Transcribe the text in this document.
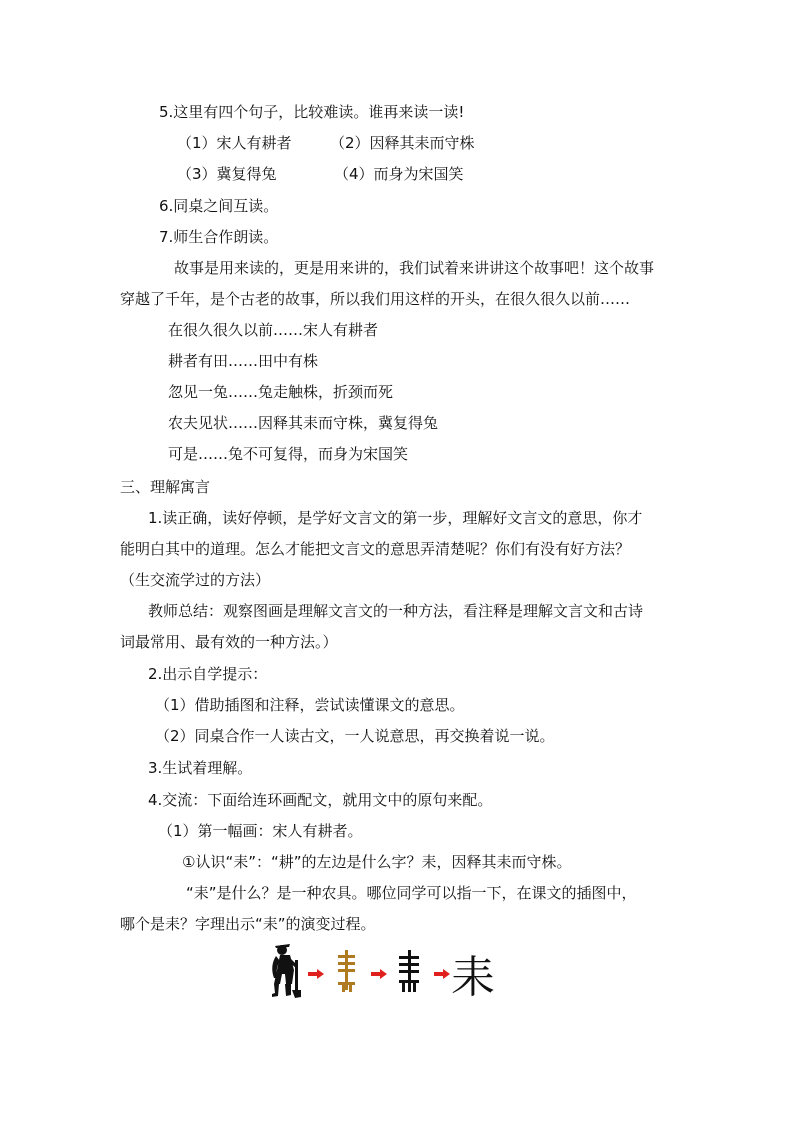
5.这里有四个句子，比较难读。谁再来读一读!
（1）宋人有耕者	（2）因释其耒而守株
（3）冀复得兔	（4）而身为宋国笑
6.同桌之间互读。
7.师生合作朗读。
故事是用来读的，更是用来讲的，我们试着来讲讲这个故事吧！这个故事
穿越了千年，是个古老的故事，所以我们用这样的开头，在很久很久以前……
在很久很久以前……宋人有耕者
耕者有田……田中有株
忽见一兔……兔走触株，折颈而死
农夫见状……因释其耒而守株，冀复得兔
可是……兔不可复得，而身为宋国笑
三、理解寓言
1.读正确，读好停顿，是学好文言文的第一步，理解好文言文的意思，你才
能明白其中的道理。怎么才能把文言文的意思弄清楚呢？你们有没有好方法？
（生交流学过的方法）
教师总结：观察图画是理解文言文的一种方法，看注释是理解文言文和古诗
词最常用、最有效的一种方法。）
2.出示自学提示：
（1）借助插图和注释，尝试读懂课文的意思。
（2）同桌合作一人读古文，一人说意思，再交换着说一说。
3.生试着理解。
4.交流：下面给连环画配文，就用文中的原句来配。
（1）第一幅画：宋人有耕者。
①认识“耒”：“耕”的左边是什么字？耒，因释其耒而守株。
“耒”是什么？是一种农具。哪位同学可以指一下，在课文的插图中，
哪个是耒？字理出示“耒”的演变过程。
耒
